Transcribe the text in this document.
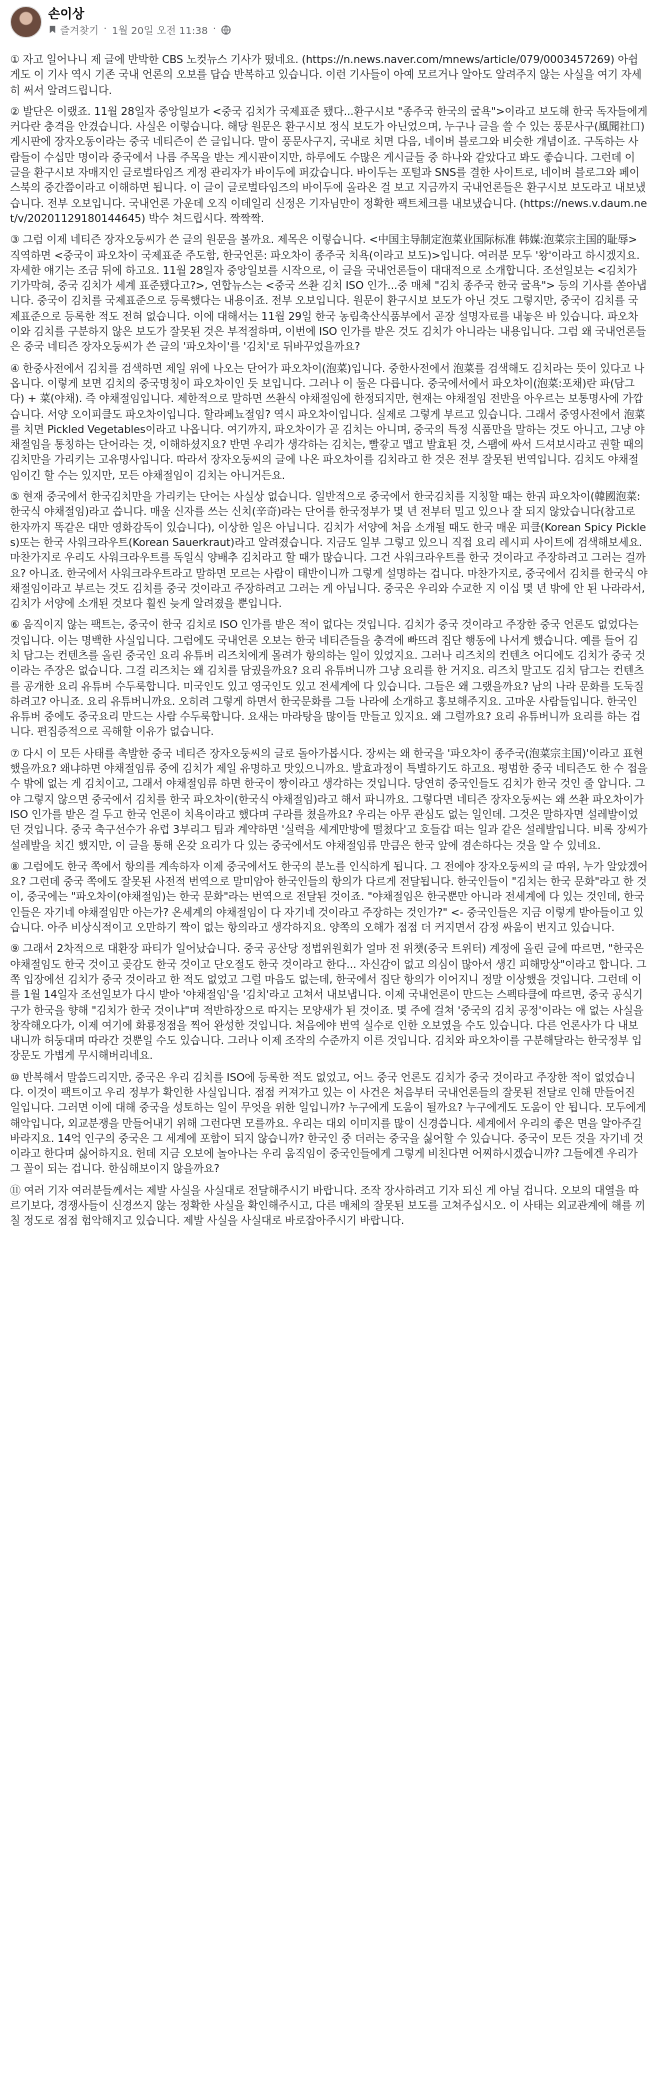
손이상
즐겨찾기 · 1월 20일 오전 11:38 ·

① 자고 일어나니 제 글에 반박한 CBS 노컷뉴스 기사가 떴네요. (https://n.news.naver.com/mnews/article/079/0003457269) 아쉽게도 이 기사 역시 기존 국내 언론의 오보를 답습 반복하고 있습니다. 이런 기사들이 아예 모르거나 알아도 알려주지 않는 사실을 여기 자세히 써서 알려드립니다.

② 발단은 이랬죠. 11월 28일자 중앙일보가 <중국 김치가 국제표준 됐다...환구시보 "종주국 한국의 굴욕">이라고 보도해 한국 독자들에게 커다란 충격을 안겼습니다. 사실은 이렇습니다. 해당 원문은 환구시보 정식 보도가 아닌었으며, 누구나 글을 쓸 수 있는 풍문사구(風聞社口) 게시판에 장자오동이라는 중국 네티즌이 쓴 글입니다. 말이 풍문사구지, 국내로 치면 다음, 네이버 블로그와 비슷한 개념이죠. 구독하는 사람들이 수십만 명이라 중국에서 나름 주목을 받는 게시판이지만, 하루에도 수많은 게시글들 중 하나와 같았다고 봐도 좋습니다. 그런데 이 글을 환구시보 자매지인 글로벌타임즈 게정 관리자가 바이두에 퍼갔습니다. 바이두는 포털과 SNS를 결한 사이트로, 네이버 블로그와 페이스북의 중간쯤이라고 이해하면 됩니다. 이 글이 글로벌타임즈의 바이두에 올라온 걸 보고 지금까지 국내언론들은 환구시보 보도라고 내보냈습니다. 전부 오보입니다. 국내언론 가운데 오직 이데일리 신정은 기자님만이 정확한 팩트체크를 내보냈습니다. (https://news.v.daum.net/v/20201129180144645) 박수 쳐드립시다. 짝짝짝.

③ 그럼 이제 네티즌 장자오둥씨가 쓴 글의 원문을 볼까요. 제목은 이렇습니다. <中国主导制定泡菜业国际标准 韩媒:泡菜宗主国的耻辱> 직역하면 <중국이 파오차이 국제표준 주도함, 한국언론: 파오차이 종주국 치욕(이라고 보도)>입니다. 여러분 모두 '왕'이라고 하시겠지요. 자세한 얘기는 조금 뒤에 하고요. 11월 28일자 중앙일보를 시작으로, 이 글을 국내언론들이 대대적으로 소개합니다. 조선일보는 <김치가 기가막혀, 중국 김치가 세계 표준됐다고?>, 연합뉴스는 <중국 쓰촨 김치 ISO 인가...중 매체 "김치 종주국 한국 굴욕"> 등의 기사를 쏟아냅니다. 중국이 김치를 국제표준으로 등록했다는 내용이죠. 전부 오보입니다. 원문이 환구시보 보도가 아닌 것도 그렇지만, 중국이 김치를 국제표준으로 등록한 적도 전혀 없습니다. 이에 대해서는 11월 29일 한국 농림축산식품부에서 곧장 설명자료를 내놓은 바 있습니다. 파오차이와 김치를 구분하지 않은 보도가 잘못된 것은 부적절하며, 이번에 ISO 인가를 받은 것도 김치가 아니라는 내용입니다. 그럼 왜 국내언론들은 중국 네티즌 장자오둥씨가 쓴 글의 '파오차이'를 '김치'로 뒤바꾸었을까요?

④ 한중사전에서 김치를 검색하면 제일 위에 나오는 단어가 파오차이(泡菜)입니다. 중한사전에서 泡菜를 검색해도 김치라는 뜻이 있다고 나옵니다. 이렇게 보면 김치의 중국명칭이 파오차이인 듯 보입니다. 그러나 이 둘은 다릅니다. 중국에서에서 파오차이(泡菜:포채)란 파(담그다) + 菜(야채). 즉 야채절임입니다. 제한적으로 말하면 쓰촨식 야채절임에 한정되지만, 현재는 야채절임 전반을 아우르는 보통명사에 가깝습니다. 서양 오이피클도 파오차이입니다. 할라페뇨절임? 역시 파오차이입니다. 실제로 그렇게 부르고 있습니다. 그래서 중영사전에서 泡菜를 치면 Pickled Vegetables이라고 나옵니다. 여기까지, 파오차이가 곧 김치는 아니며, 중국의 특정 식품만을 말하는 것도 아니고, 그냥 야채절임을 통칭하는 단어라는 것, 이해하셨지요? 반면 우리가 생각하는 김치는, 빨갛고 맵고 발효된 것, 스팸에 싸서 드셔보시라고 권할 때의 김치만을 가리키는 고유명사입니다. 따라서 장자오둥씨의 글에 나온 파오차이를 김치라고 한 것은 전부 잘못된 번역입니다. 김치도 야채절임이긴 할 수는 있지만, 모든 야채절임이 김치는 아니거든요.

⑤ 현재 중국에서 한국김치만을 가리키는 단어는 사실상 없습니다. 일반적으로 중국에서 한국김치를 지칭할 때는 한궈 파오차이(韓國泡菜: 한국식 야채절임)라고 씁니다. 매울 신자를 쓰는 신치(辛奇)라는 단어를 한국정부가 몇 년 전부터 밀고 있으나 잘 되지 않았습니다(참고로 한자까지 똑같은 대만 영화감독이 있습니다), 이상한 일은 아닙니다. 김치가 서양에 처음 소개될 때도 한국 매운 피클(Korean Spicy Pickles)또는 한국 사워크라우트(Korean Sauerkraut)라고 알려졌습니다. 지금도 일부 그렇고 있으니 직접 요리 레시피 사이트에 검색해보세요. 마찬가지로 우리도 사워크라우트를 독일식 양배추 김치라고 할 때가 많습니다. 그건 사워크라우트를 한국 것이라고 주장하려고 그러는 걸까요? 아니죠. 한국에서 사워크라우트라고 말하면 모르는 사람이 태반이니까 그렇게 설명하는 겁니다. 마찬가지로, 중국에서 김치를 한국식 야채절임이라고 부르는 것도 김치를 중국 것이라고 주장하려고 그러는 게 아닙니다. 중국은 우리와 수교한 지 이십 몇 년 밖에 안 된 나라라서, 김치가 서양에 소개된 것보다 훨씬 늦게 알려졌을 뿐입니다.

⑥ 움직이지 않는 팩트는, 중국이 한국 김치로 ISO 인가를 받은 적이 없다는 것입니다. 김치가 중국 것이라고 주장한 중국 언론도 없었다는 것입니다. 이는 명백한 사실입니다. 그럼에도 국내언론 오보는 한국 네티즌들을 충격에 빠뜨려 집단 행동에 나서게 했습니다. 예를 들어 김치 담그는 컨텐츠를 올린 중국인 요리 유튜버 리즈치에게 몰려가 항의하는 일이 있었지요. 그러나 리즈치의 컨텐츠 어디에도 김치가 중국 것이라는 주장은 없습니다. 그걸 리즈치는 왜 김치를 담궜을까요? 요리 유튜버니까 그냥 요리를 한 거지요. 리즈치 말고도 김치 담그는 컨텐츠를 공개한 요리 유튜버 수두룩합니다. 미국인도 있고 영국인도 있고 전세계에 다 있습니다. 그들은 왜 그랬을까요? 남의 나라 문화를 도둑질하려고? 아니죠. 요리 유튜버니까요. 오히려 그렇게 하면서 한국문화를 그들 나라에 소개하고 홍보해주지요. 고마운 사람들입니다. 한국인 유튜버 중에도 중국요리 만드는 사람 수두룩합니다. 요새는 마라탕을 많이들 만들고 있지요. 왜 그럴까요? 요리 유튜버니까 요리를 하는 겁니다. 편집증적으로 곡해할 이유가 없습니다.

⑦ 다시 이 모든 사태를 촉발한 중국 네티즌 장자오둥씨의 글로 돌아가봅시다. 장씨는 왜 한국을 '파오차이 종주국(泡菜宗主国)'이라고 표현했을까요? 왜냐하면 야채절임류 중에 김치가 제일 유명하고 맛있으니까요. 발효과정이 특별하기도 하고요. 평범한 중국 네티즌도 한 수 접을 수 밖에 없는 게 김치이고, 그래서 야채절임류 하면 한국이 짱이라고 생각하는 것입니다. 당연히 중국인들도 김치가 한국 것인 줄 압니다. 그야 그렇지 않으면 중국에서 김치를 한국 파오차이(한국식 야채절임)라고 해서 파니까요. 그렇다면 네티즌 장자오둥씨는 왜 쓰촨 파오차이가 ISO 인가를 받은 걸 두고 한국 언론이 치욕이라고 했다며 구라를 쳤을까요? 우리는 아무 관심도 없는 일인데. 그것은 말하자면 설레발이었던 것입니다. 중국 축구선수가 유럽 3부리그 팀과 계약하면 '실력을 세계만방에 떨쳤다'고 호들갑 떠는 일과 같은 설레발입니다. 비록 장씨가 설레발을 치긴 했지만, 이 글을 통해 온갖 요리가 다 있는 중국에서도 야채절임류 만큼은 한국 앞에 겸손하다는 것을 알 수 있네요.

⑧ 그럼에도 한국 쪽에서 항의를 계속하자 이제 중국에서도 한국의 분노를 인식하게 됩니다. 그 전에야 장자오둥씨의 글 따위, 누가 알았겠어요? 그런데 중국 쪽에도 잘못된 사전적 번역으로 말미암아 한국인들의 항의가 다르게 전달됩니다. 한국인들이 "김치는 한국 문화"라고 한 것이, 중국에는 "파오차이(야채절임)는 한국 문화"라는 번역으로 전달된 것이죠. "야채절임은 한국뿐만 아니라 전세계에 다 있는 것인데, 한국인들은 자기네 야채절임만 아는가? 온세계의 야채절임이 다 자기네 것이라고 주장하는 것인가?" <- 중국인들은 지금 이렇게 받아들이고 있습니다. 아주 비상식적이고 오만하기 짝이 없는 항의라고 생각하지요. 양쪽의 오해가 점점 더 커지면서 감정 싸움이 번지고 있습니다.

⑨ 그래서 2차적으로 대환장 파티가 일어났습니다. 중국 공산당 정법위원회가 얼마 전 위챗(중국 트위터) 계정에 올린 글에 따르면, "한국은 야채절임도 한국 것이고 곶감도 한국 것이고 단오절도 한국 것이라고 한다... 자신감이 없고 의심이 많아서 생긴 피해망상"이라고 합니다. 그쪽 입장에선 김치가 중국 것이라고 한 적도 없었고 그럴 마음도 없는데, 한국에서 집단 항의가 이어지니 정말 이상했을 것입니다. 그런데 이를 1월 14일자 조선일보가 다시 받아 '야채절임'을 '김치'라고 고쳐서 내보냅니다. 이제 국내언론이 만드는 스펙타클에 따르면, 중국 공식기구가 한국을 향해 "김치가 한국 것이냐"며 적반하장으로 따지는 모양새가 된 것이죠. 몇 주에 걸쳐 '중국의 김치 공정'이라는 애 없는 사실을 창작해오다가, 이제 여기에 화룡정점을 찍어 완성한 것입니다. 처음에야 번역 실수로 인한 오보였을 수도 있습니다. 다른 언론사가 다 내보내니까 허둥대며 따라간 것뿐일 수도 있습니다. 그러나 이제 조작의 수준까지 이른 것입니다. 김치와 파오차이를 구분해달라는 한국정부 입장문도 가볍게 무시해버리네요.

⑩ 반복해서 말씀드리지만, 중국은 우리 김치를 ISO에 등록한 적도 없었고, 어느 중국 언론도 김치가 중국 것이라고 주장한 적이 없었습니다. 이것이 팩트이고 우리 정부가 확인한 사실입니다. 점점 커져가고 있는 이 사건은 처음부터 국내언론들의 잘못된 전달로 인해 만들어진 일입니다. 그러면 이에 대해 중국을 성토하는 일이 무엇을 위한 일입니까? 누구에게 도움이 될까요? 누구에게도 도움이 안 됩니다. 모두에게 해악입니다, 외교분쟁을 만들어내기 위해 그런다면 모를까요. 우리는 대외 이미지를 많이 신경씁니다. 세계에서 우리의 좋은 면을 알아주길 바라지요. 14억 인구의 중국은 그 세계에 포함이 되지 않습니까? 한국인 중 더러는 중국을 싫어할 수 있습니다. 중국이 모든 것을 자기네 것이라고 한다며 싫어하지요. 헌데 지금 오보에 놀아나는 우리 움직임이 중국인들에게 그렇게 비친다면 어찌하시겠습니까? 그들에겐 우리가 그 꼴이 되는 겁니다. 한심해보이지 않을까요?

⑪ 여러 기자 여러분들께서는 제발 사실을 사실대로 전달해주시기 바랍니다. 조작 장사하려고 기자 되신 게 아닐 겁니다. 오보의 대열을 따르기보다, 경쟁사들이 신경쓰지 않는 정확한 사실을 확인해주시고, 다른 매체의 잘못된 보도를 고쳐주십시오. 이 사태는 외교관계에 해를 끼칠 정도로 점점 험악해지고 있습니다. 제발 사실을 사실대로 바로잡아주시기 바랍니다.
